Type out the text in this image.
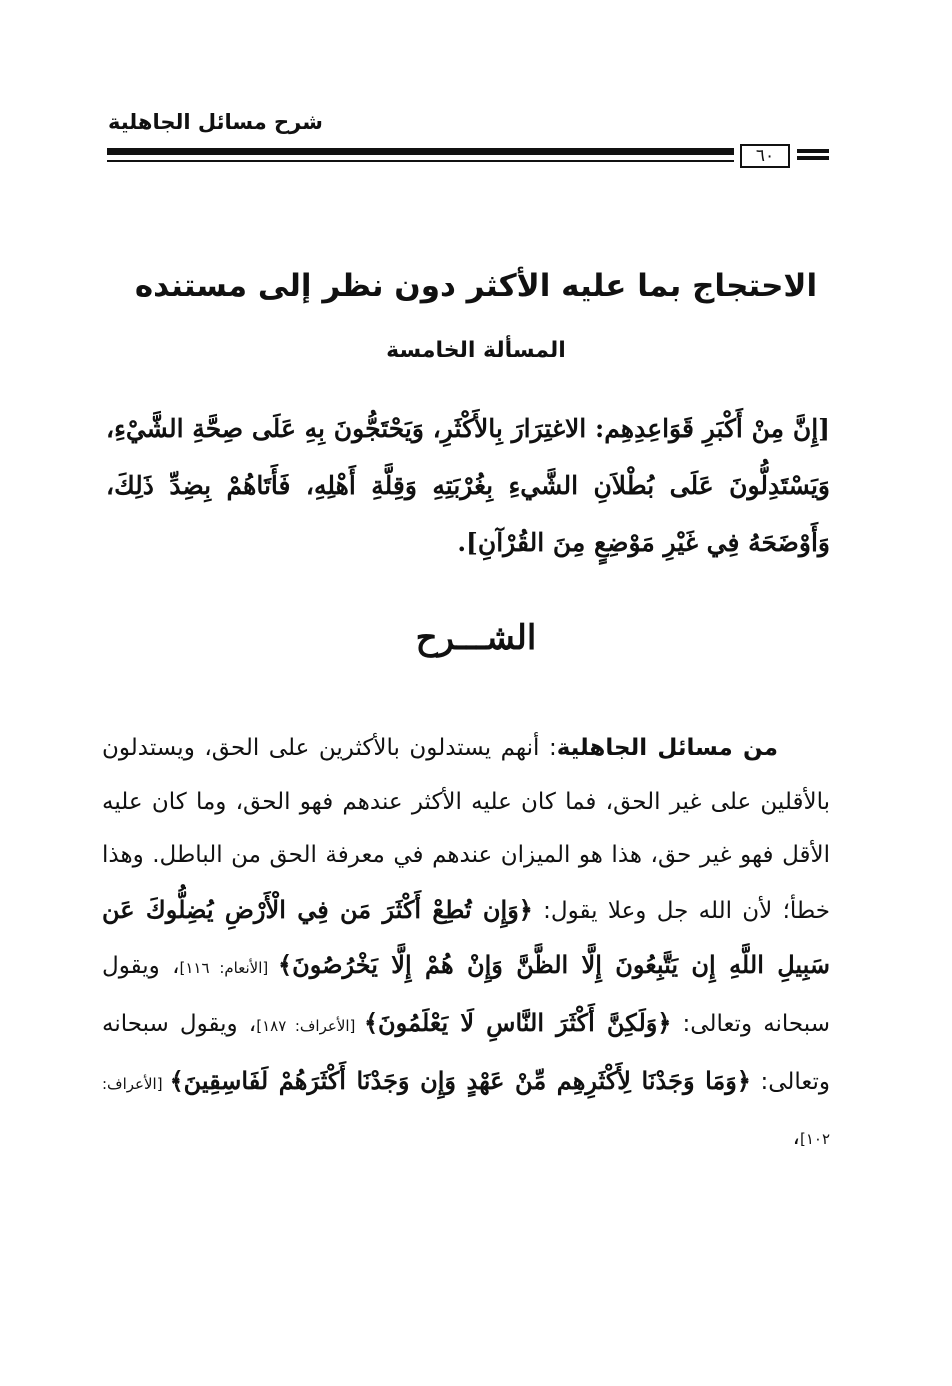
شرح مسائل الجاهلية
٦٠
الاحتجاج بما عليه الأكثر دون نظر إلى مستنده
المسألة الخامسة
[إِنَّ مِنْ أَكْبَرِ قَوَاعِدِهِم: الاغتِرَارَ بِالأَكْثَرِ، وَيَحْتَجُّونَ بِهِ عَلَى صِحَّةِ الشَّيْءِ، وَيَسْتَدِلُّونَ عَلَى بُطْلاَنِ الشَّيءِ بِغُرْبَتِهِ وَقِلَّةِ أَهْلِهِ، فَأَتَاهُمْ بِضِدِّ ذَلِكَ، وَأَوْضَحَهُ فِي غَيْرِ مَوْضِعٍ مِنَ القُرْآنِ].
الشـــرح

من مسائل الجاهلية: أنهم يستدلون بالأكثرين على الحق، ويستدلون بالأقلين على غير الحق، فما كان عليه الأكثر عندهم فهو الحق، وما كان عليه الأقل فهو غير حق، هذا هو الميزان عندهم في معرفة الحق من الباطل. وهذا خطأ؛ لأن الله جل وعلا يقول: ﴿وَإِن تُطِعْ أَكْثَرَ مَن فِي الْأَرْضِ يُضِلُّوكَ عَن سَبِيلِ اللَّهِ إِن يَتَّبِعُونَ إِلَّا الظَّنَّ وَإِنْ هُمْ إِلَّا يَخْرُصُونَ﴾ [الأنعام: ١١٦]، ويقول سبحانه وتعالى: ﴿وَلَكِنَّ أَكْثَرَ النَّاسِ لَا يَعْلَمُونَ﴾ [الأعراف: ١٨٧]، ويقول سبحانه وتعالى: ﴿وَمَا وَجَدْنَا لِأَكْثَرِهِم مِّنْ عَهْدٍ وَإِن وَجَدْنَا أَكْثَرَهُمْ لَفَاسِقِينَ﴾ [الأعراف: ١٠٢]،
